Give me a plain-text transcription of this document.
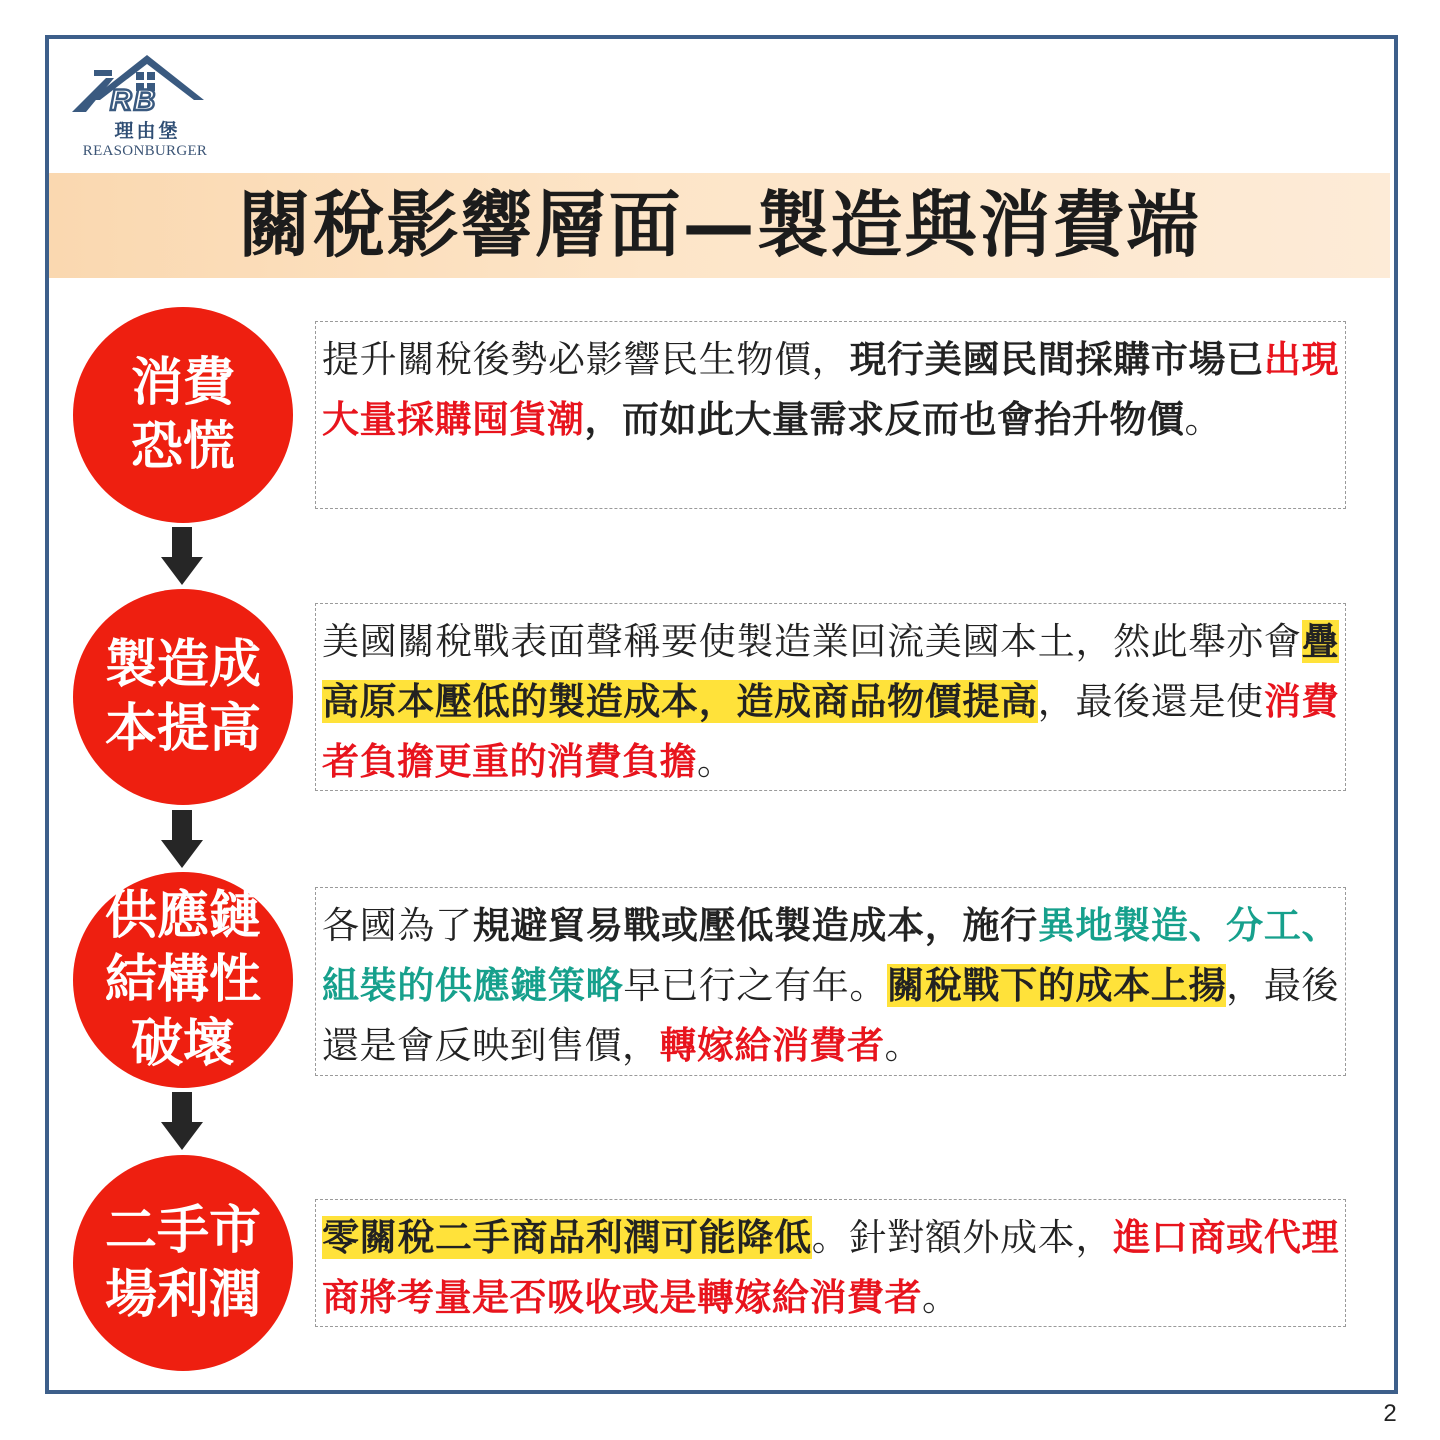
RB
理由堡
REASONBURGER
關稅影響層面—製造與消費端
消費
恐慌
製造成
本提高
供應鏈
結構性
破壞
二手市
場利潤

提升關稅後勢必影響民生物價，現行美國民間採購市場已出現大量採購囤貨潮，而如此大量需求反而也會抬升物價。

美國關稅戰表面聲稱要使製造業回流美國本土，然此舉亦會疊高原本壓低的製造成本，造成商品物價提高，最後還是使消費者負擔更重的消費負擔。

各國為了規避貿易戰或壓低製造成本，施行異地製造、分工、組裝的供應鏈策略早已行之有年。關稅戰下的成本上揚，最後還是會反映到售價，轉嫁給消費者。

零關稅二手商品利潤可能降低。針對額外成本，進口商或代理商將考量是否吸收或是轉嫁給消費者。

2
